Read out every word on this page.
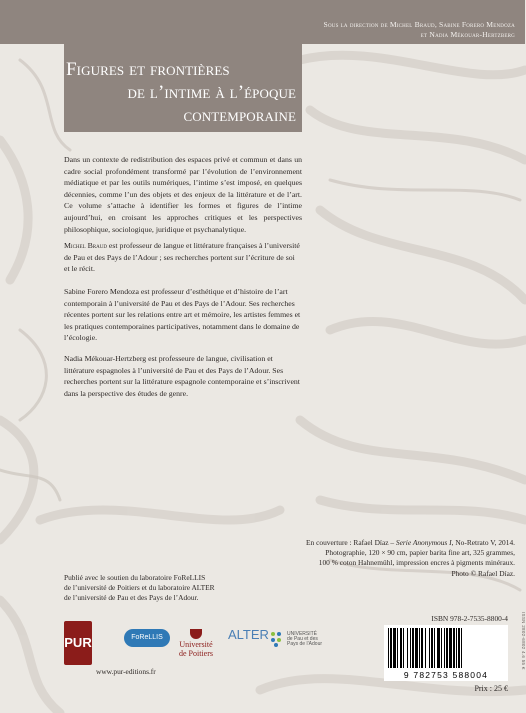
Sous la direction de Michel Braud, Sabine Forero Mendoza
et Nadia Mékouar-Hertzberg
Figures et frontières
de l’intime à l’époque
contemporaine
Dans un contexte de redistribution des espaces privé et commun et dans un cadre social profondément transformé par l’évolution de l’environnement médiatique et par les outils numériques, l’intime s’est imposé, en quelques décennies, comme l’un des objets et des enjeux de la littérature et de l’art. Ce volume s’attache à identifier les formes et figures de l’intime aujourd’hui, en croisant les approches critiques et les perspectives philosophique, sociologique, juridique et psychanalytique.
Michel Braud est professeur de langue et littérature françaises à l’université de Pau et des Pays de l’Adour ; ses recherches portent sur l’écriture de soi et le récit.
Sabine Forero Mendoza est professeur d’esthétique et d’histoire de l’art contemporain à l’université de Pau et des Pays de l’Adour. Ses recherches récentes portent sur les relations entre art et mémoire, les artistes femmes et les pratiques contemporaines participatives, notamment dans le domaine de l’écologie.
Nadia Mékouar-Hertzberg est professeure de langue, civilisation et littérature espagnoles à l’université de Pau et des Pays de l’Adour. Ses recherches portent sur la littérature espagnole contemporaine et s’inscrivent dans la perspective des études de genre.
En couverture : Rafael Díaz – Serie Anonymous I, No-Retrato V, 2014.
Photographie, 120 × 90 cm, papier barita fine art, 325 grammes,
100 % coton Hahnemühl, impression encres à pigments minéraux.
Photo © Rafael Díaz.
Publié avec le soutien du laboratoire FoReLLIS
de l’université de Poitiers et du laboratoire ALTER
de l’université de Pau et des Pays de l’Adour.
PUR	FoReLLIS
Université
de Poitiers
ALTER	UNIVERSITÉ
de Pau et des
Pays de l’Adour
www.pur-editions.fr
ISBN 978-2-7535-8800-4
9 782753 588004
Prix : 25 €
ISSN 2802-6802 4.6 55 €
